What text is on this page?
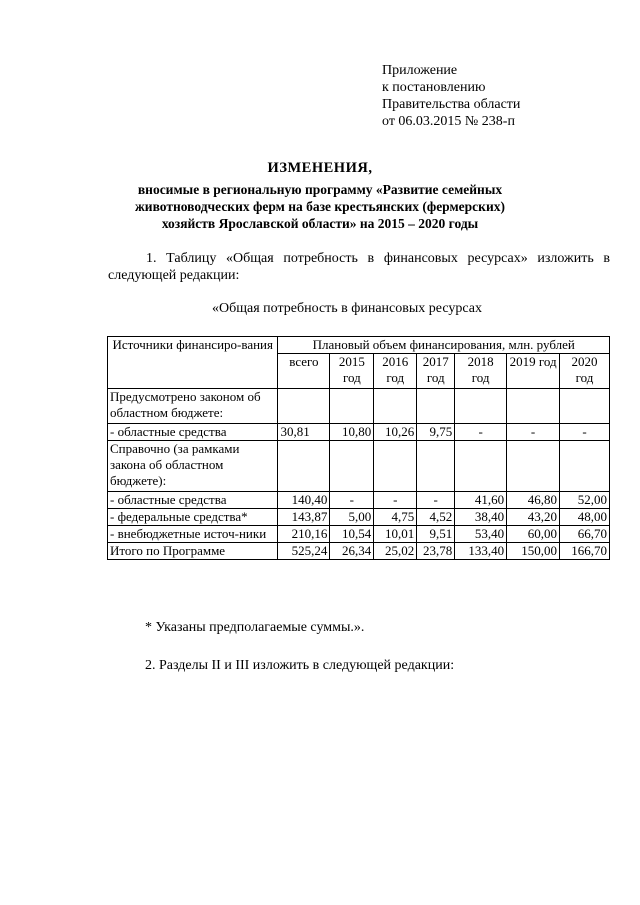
Приложение
к постановлению
Правительства области
от 06.03.2015 № 238-п
ИЗМЕНЕНИЯ,
вносимые в региональную программу «Развитие семейных
животноводческих ферм на базе крестьянских (фермерских)
хозяйств Ярославской области» на 2015 – 2020 годы
1. Таблицу «Общая потребность в финансовых ресурсах» изложить в следующей редакции:
«Общая потребность в финансовых ресурсах
Источники финансиро-вания	Плановый объем финансирования, млн. рублей						
	всего	2015 год	2016 год	2017 год	2018 год	2019 год	2020 год
Предусмотрено законом об областном бюджете:							
- областные средства	30,81	10,80	10,26	9,75	-	-	-
Справочно (за рамками закона об областном бюджете):							
- областные средства	140,40	-	-	-	41,60	46,80	52,00
- федеральные средства*	143,87	5,00	4,75	4,52	38,40	43,20	48,00
- внебюджетные источ-ники	210,16	10,54	10,01	9,51	53,40	60,00	66,70
Итого по Программе	525,24	26,34	25,02	23,78	133,40	150,00	166,70
* Указаны предполагаемые суммы.».
2. Разделы II и III изложить в следующей редакции:
